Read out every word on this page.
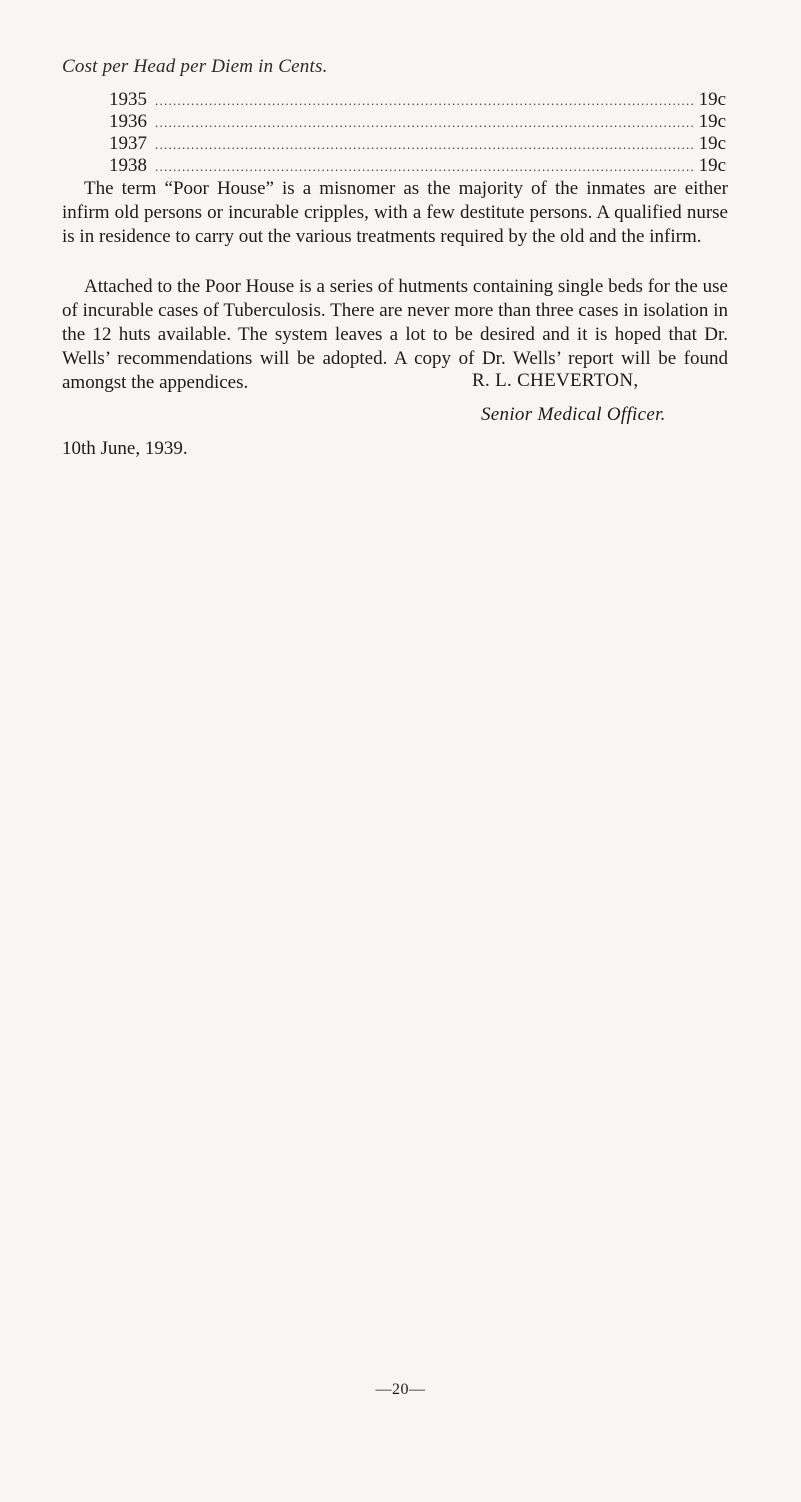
Cost per Head per Diem in Cents.
1935 . . .	19c
1936 . . .	19c
1937 . . .	19c
1938 . . .	19c

The term “Poor House” is a misnomer as the majority of the inmates are either infirm old persons or incurable cripples, with a few destitute persons. A qualified nurse is in residence to carry out the various treatments required by the old and the infirm.

Attached to the Poor House is a series of hutments containing single beds for the use of incurable cases of Tuberculosis. There are never more than three cases in isolation in the 12 huts available. The system leaves a lot to be desired and it is hoped that Dr. Wells’ recommendations will be adopted. A copy of Dr. Wells’ report will be found amongst the appendices.	R. L. CHEVERTON,
Senior Medical Officer.
10th June, 1939.
—20—
